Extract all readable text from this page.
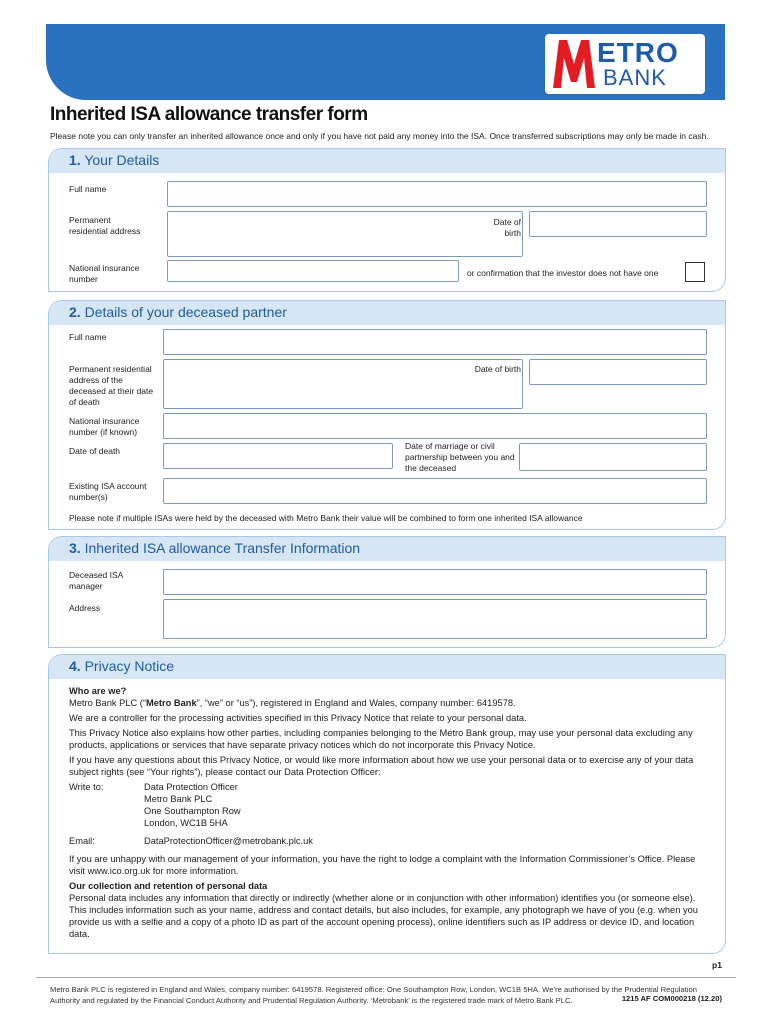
ETRO
BANK
Inherited ISA allowance transfer form
Please note you can only transfer an inherited allowance once and only if you have not paid any money into the ISA. Once transferred subscriptions may only be made in cash.
1. Your Details
Full name
Permanent residential address
Date of birth
National insurance number
or confirmation that the investor does not have one
2. Details of your deceased partner
Full name
Permanent residential address of the deceased at their date of death
Date of birth
National insurance number (if known)
Date of death	Date of marriage or civil partnership between you and the deceased
Existing ISA account number(s)
Please note if multiple ISAs were held by the deceased with Metro Bank their value will be combined to form one inherited ISA allowance
3. Inherited ISA allowance Transfer Information
Deceased ISA manager
Address
4. Privacy Notice

Who are we?

Metro Bank PLC (“Metro Bank”, “we” or “us”), registered in England and Wales, company number: 6419578.

We are a controller for the processing activities specified in this Privacy Notice that relate to your personal data.

This Privacy Notice also explains how other parties, including companies belonging to the Metro Bank group, may use your personal data excluding any products, applications or services that have separate privacy notices which do not incorporate this Privacy Notice.

If you have any questions about this Privacy Notice, or would like more information about how we use your personal data or to exercise any of your data subject rights (see “Your rights”), please contact our Data Protection Officer:

Write to:	Data Protection Officer
Metro Bank PLC
One Southampton Row
London, WC1B 5HA
Email:	DataProtectionOfficer@metrobank.plc.uk

If you are unhappy with our management of your information, you have the right to lodge a complaint with the Information Commissioner’s Office. Please visit www.ico.org.uk for more information.

Our collection and retention of personal data

Personal data includes any information that directly or indirectly (whether alone or in conjunction with other information) identifies you (or someone else). This includes information such as your name, address and contact details, but also includes, for example, any photograph we have of you (e.g. when you provide us with a selfie and a copy of a photo ID as part of the account opening process), online identifiers such as IP address or device ID, and location data.

p1
Metro Bank PLC is registered in England and Wales, company number: 6419578. Registered office: One Southampton Row, London, WC1B 5HA. We’re authorised by the Prudential Regulation Authority and regulated by the Financial Conduct Authority and Prudential Regulation Authority. ‘Metrobank’ is the registered trade mark of Metro Bank PLC.	1215 AF COM000218 (12.20)
